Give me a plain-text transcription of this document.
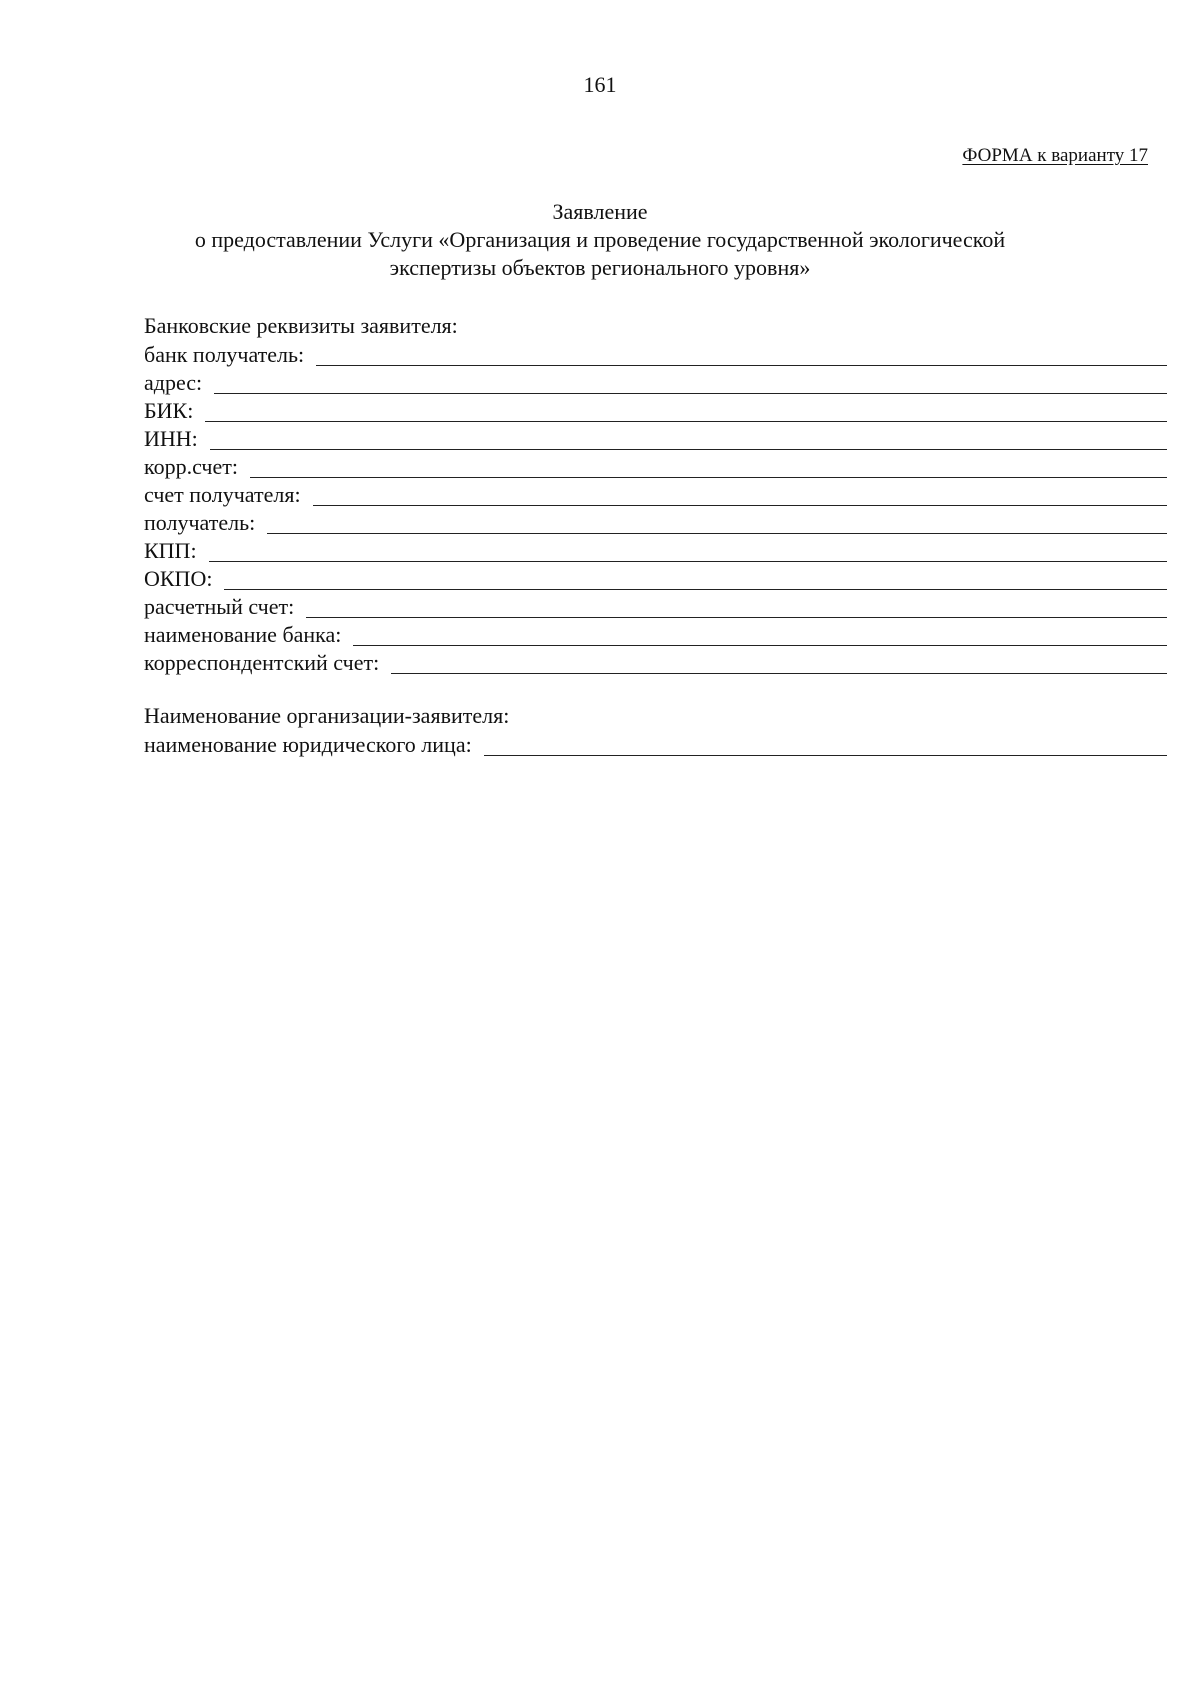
161
ФОРМА к варианту 17
Заявление
о предоставлении Услуги «Организация и проведение государственной экологической
экспертизы объектов регионального уровня»
Банковские реквизиты заявителя:
банк получатель:
адрес:
БИК:
ИНН:
корр.счет:
счет получателя:
получатель:
КПП:
ОКПО:
расчетный счет:
наименование банка:
корреспондентский счет:
Наименование организации-заявителя:
наименование юридического лица:
